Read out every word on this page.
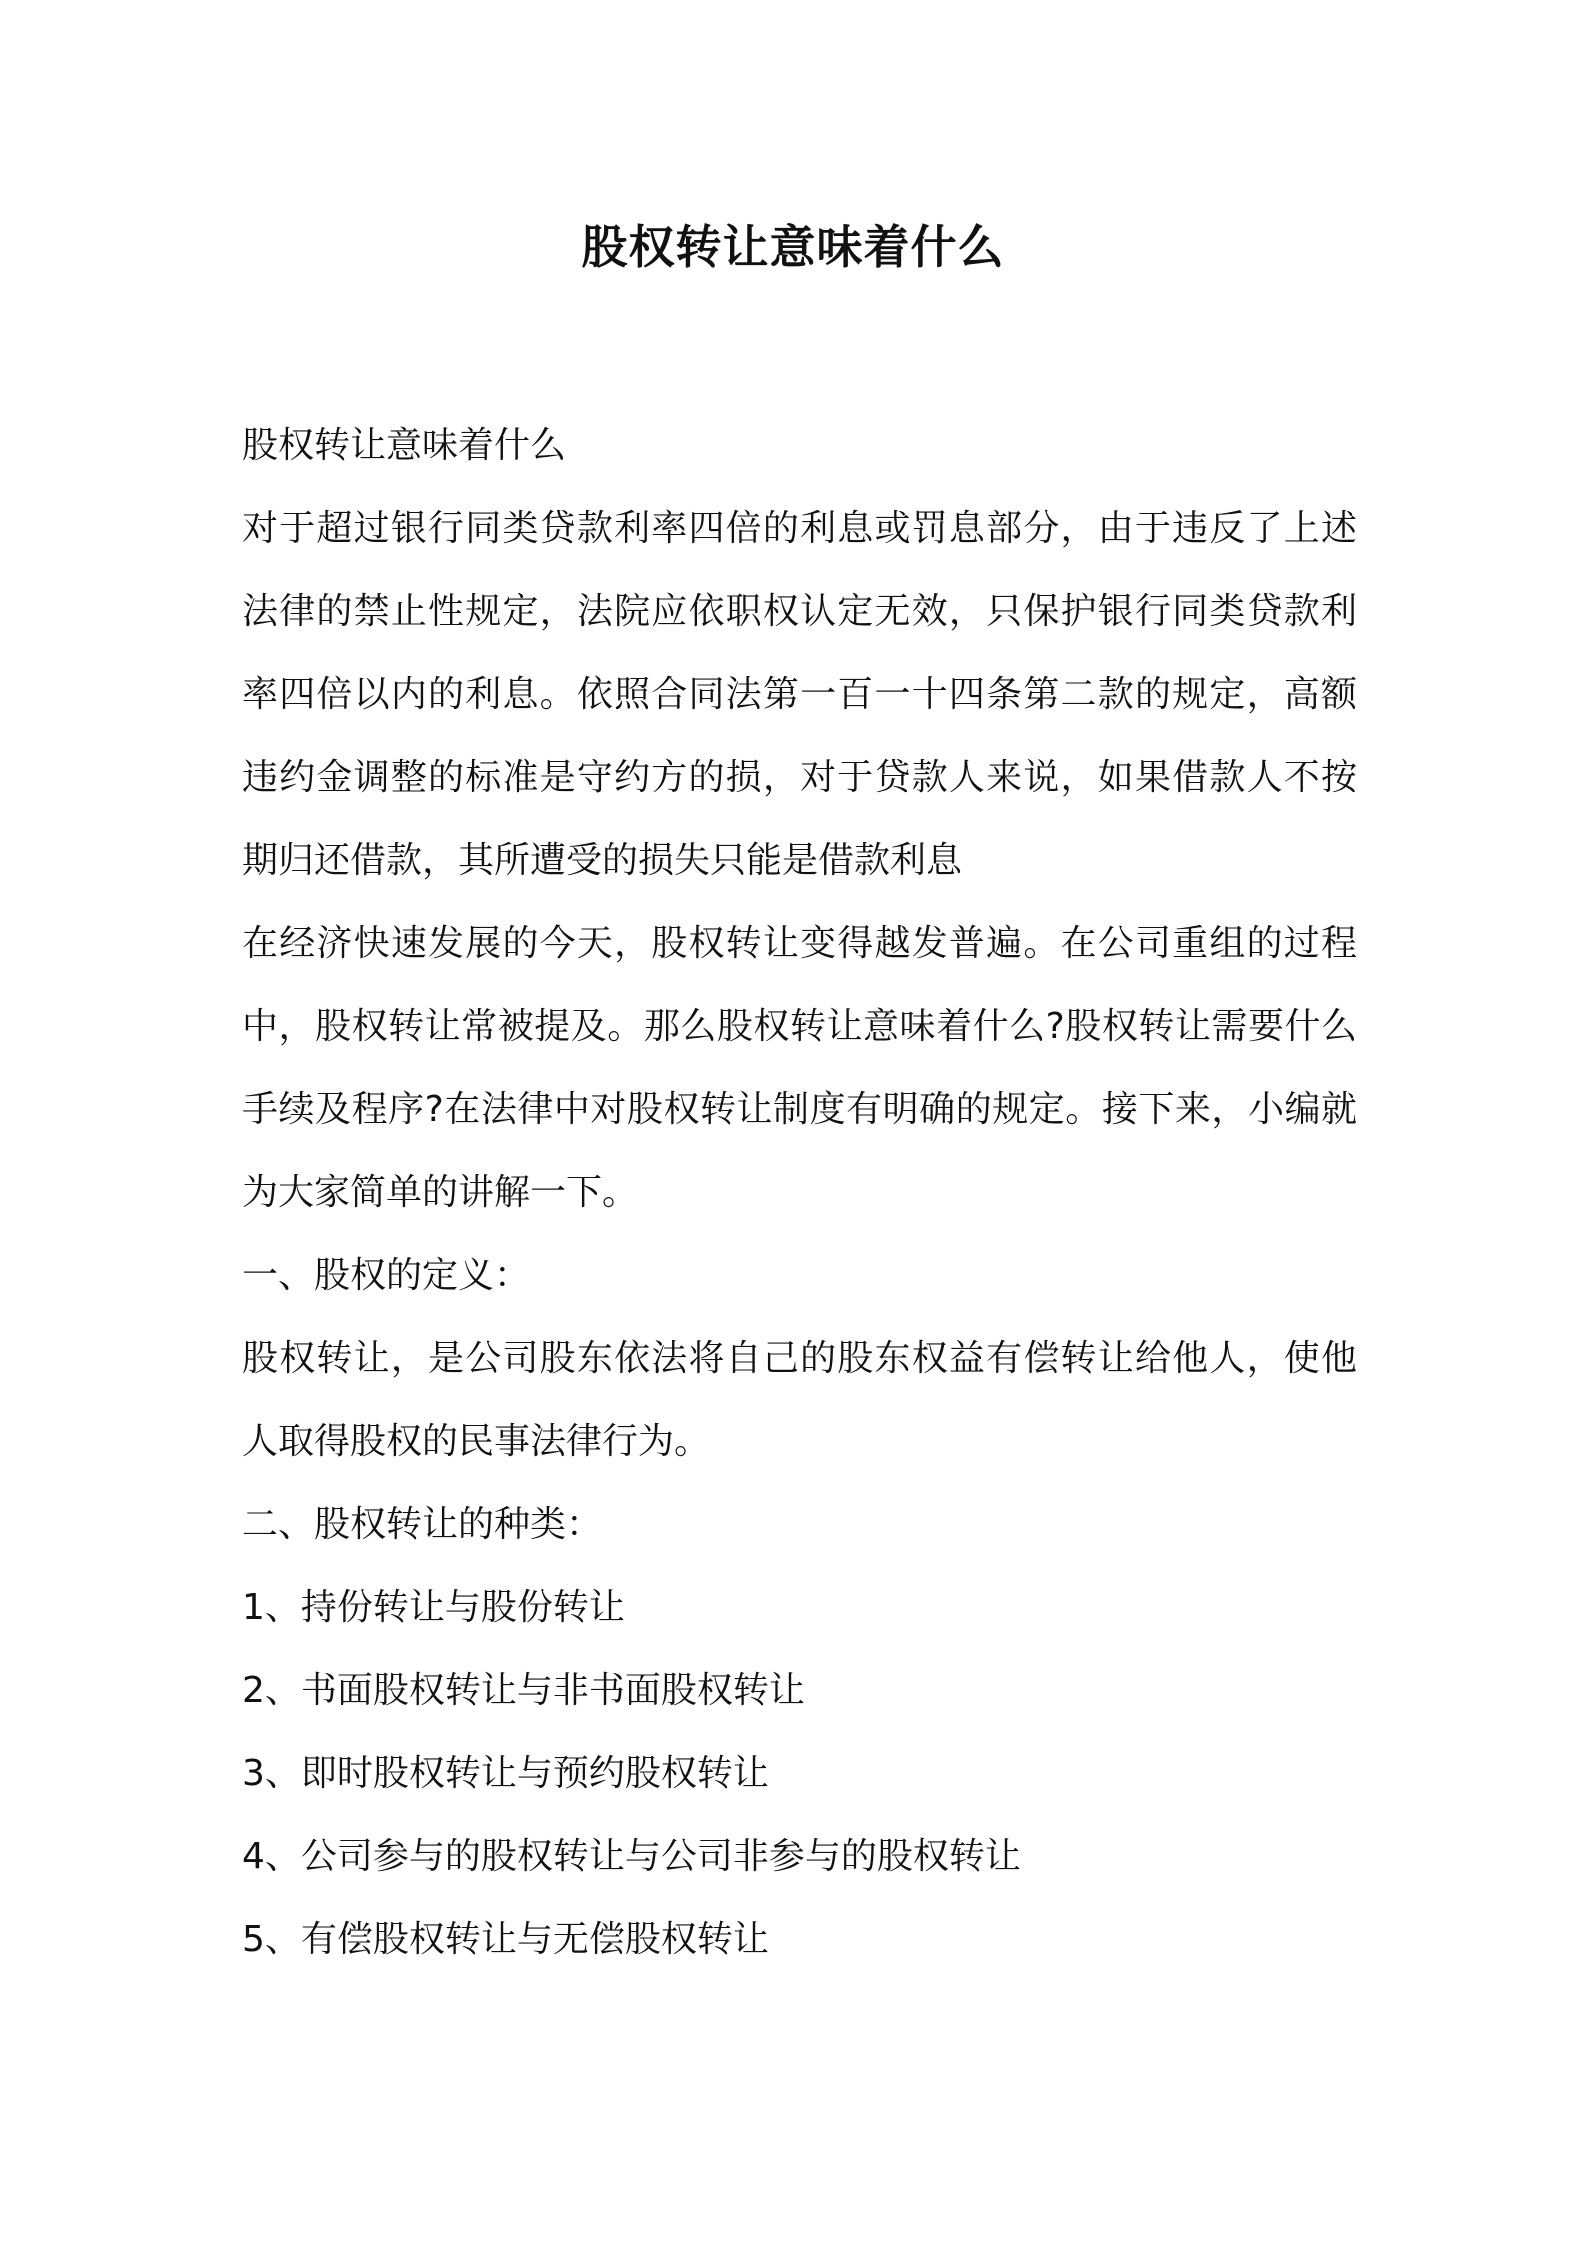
股权转让意味着什么

股权转让意味着什么

对于超过银行同类贷款利率四倍的利息或罚息部分，由于违反了上述法律的禁止性规定，法院应依职权认定无效，只保护银行同类贷款利率四倍以内的利息。依照合同法第一百一十四条第二款的规定，高额违约金调整的标准是守约方的损，对于贷款人来说，如果借款人不按期归还借款，其所遭受的损失只能是借款利息

在经济快速发展的今天，股权转让变得越发普遍。在公司重组的过程中，股权转让常被提及。那么股权转让意味着什么?股权转让需要什么手续及程序?在法律中对股权转让制度有明确的规定。接下来，小编就为大家简单的讲解一下。

一、股权的定义：

股权转让，是公司股东依法将自己的股东权益有偿转让给他人，使他人取得股权的民事法律行为。

二、股权转让的种类：

1、持份转让与股份转让

2、书面股权转让与非书面股权转让

3、即时股权转让与预约股权转让

4、公司参与的股权转让与公司非参与的股权转让

5、有偿股权转让与无偿股权转让
